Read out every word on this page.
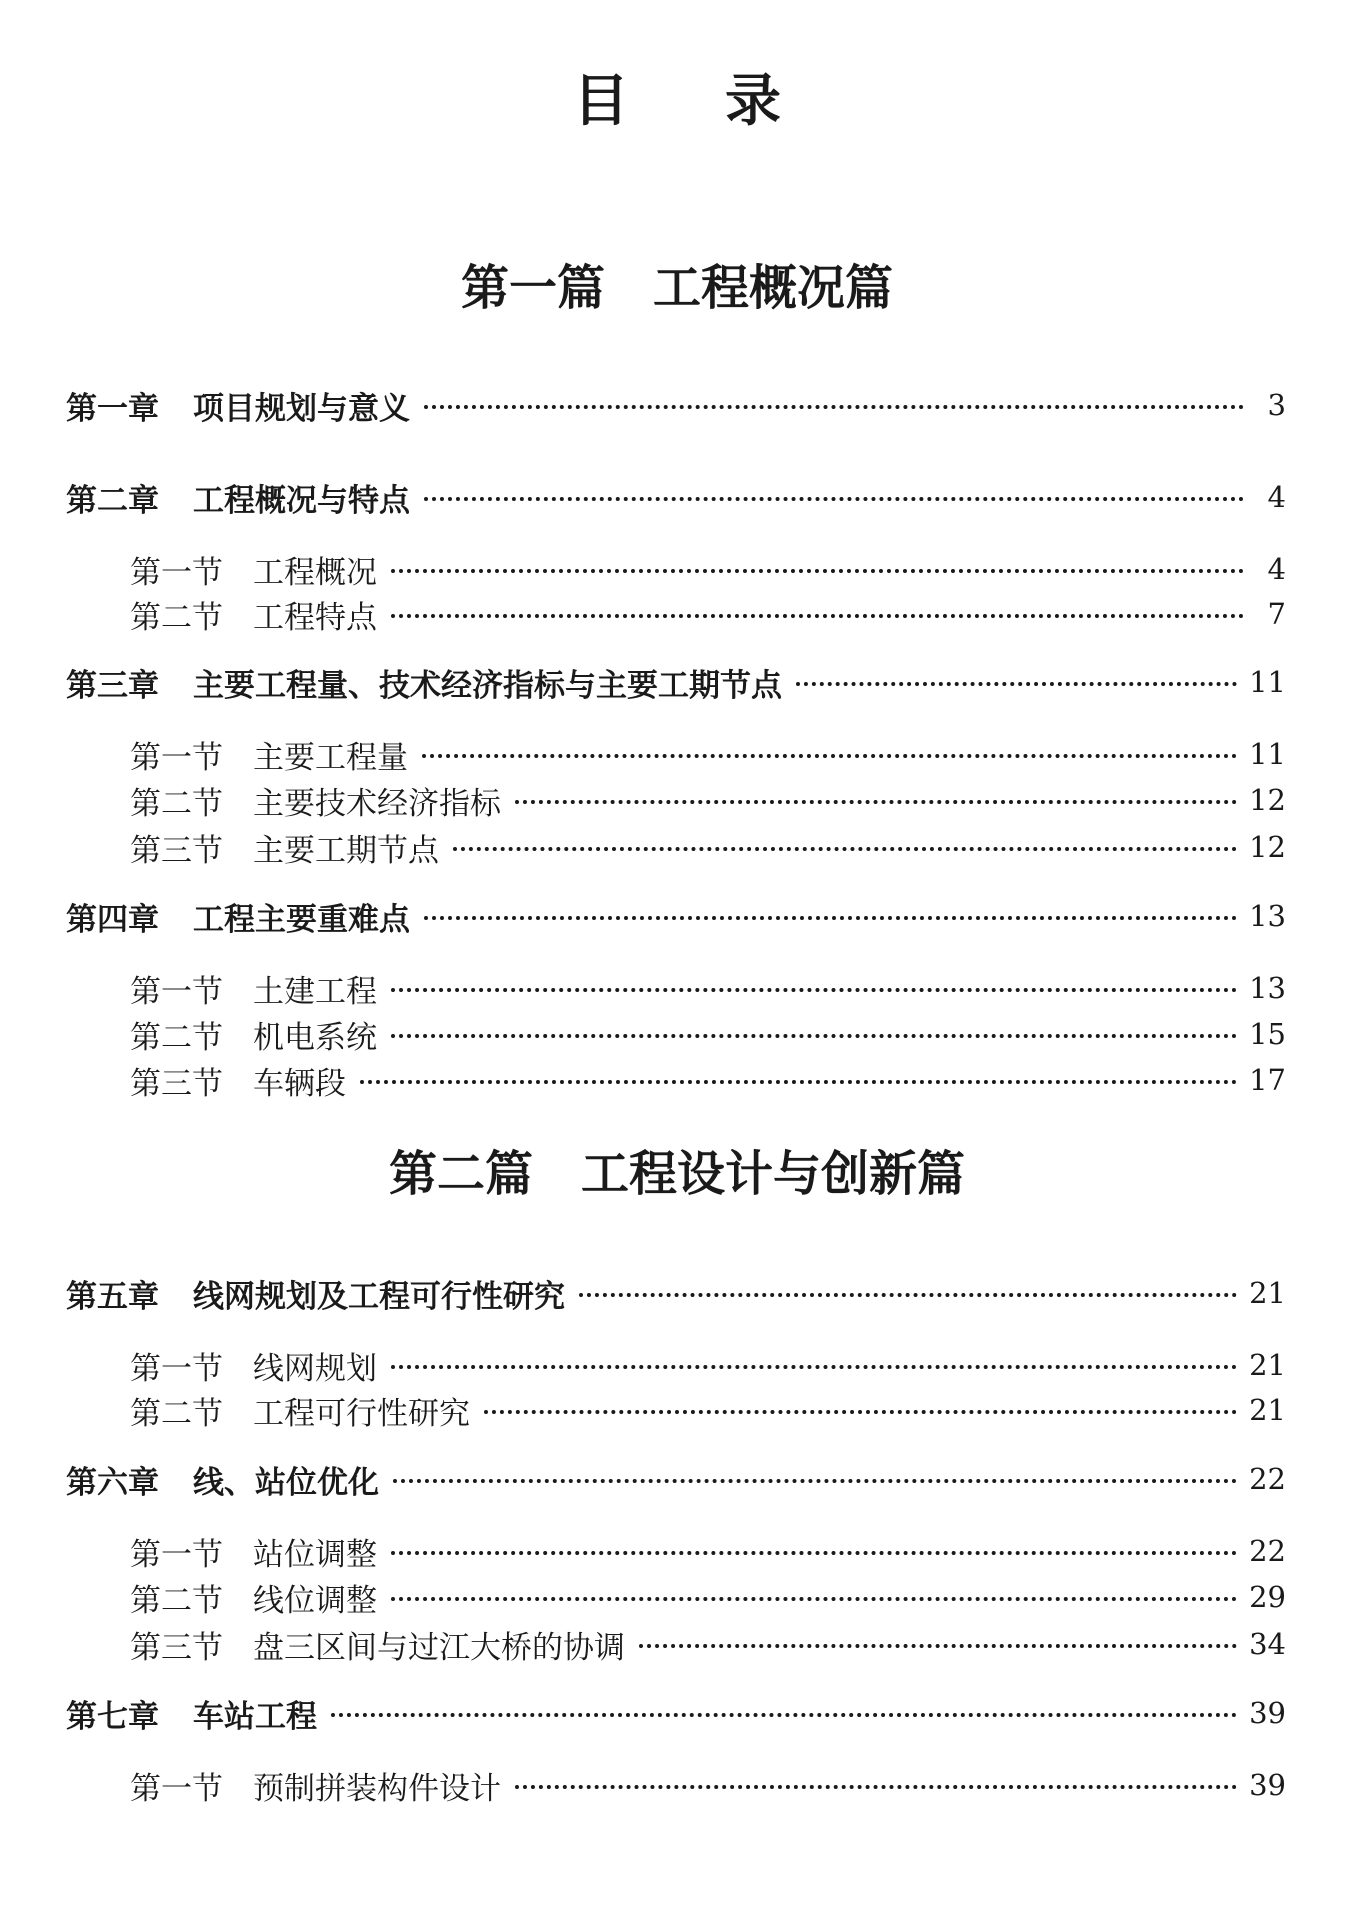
目录
第一篇 工程概况篇
第一章 项目规划与意义	3
第二章 工程概况与特点	4
第一节 工程概况	4
第二节 工程特点	7
第三章 主要工程量、技术经济指标与主要工期节点	11
第一节 主要工程量	11
第二节 主要技术经济指标	12
第三节 主要工期节点	12
第四章 工程主要重难点	13
第一节 土建工程	13
第二节 机电系统	15
第三节 车辆段	17
第二篇 工程设计与创新篇
第五章 线网规划及工程可行性研究	21
第一节 线网规划	21
第二节 工程可行性研究	21
第六章 线、站位优化	22
第一节 站位调整	22
第二节 线位调整	29
第三节 盘三区间与过江大桥的协调	34
第七章 车站工程	39
第一节 预制拼装构件设计	39
